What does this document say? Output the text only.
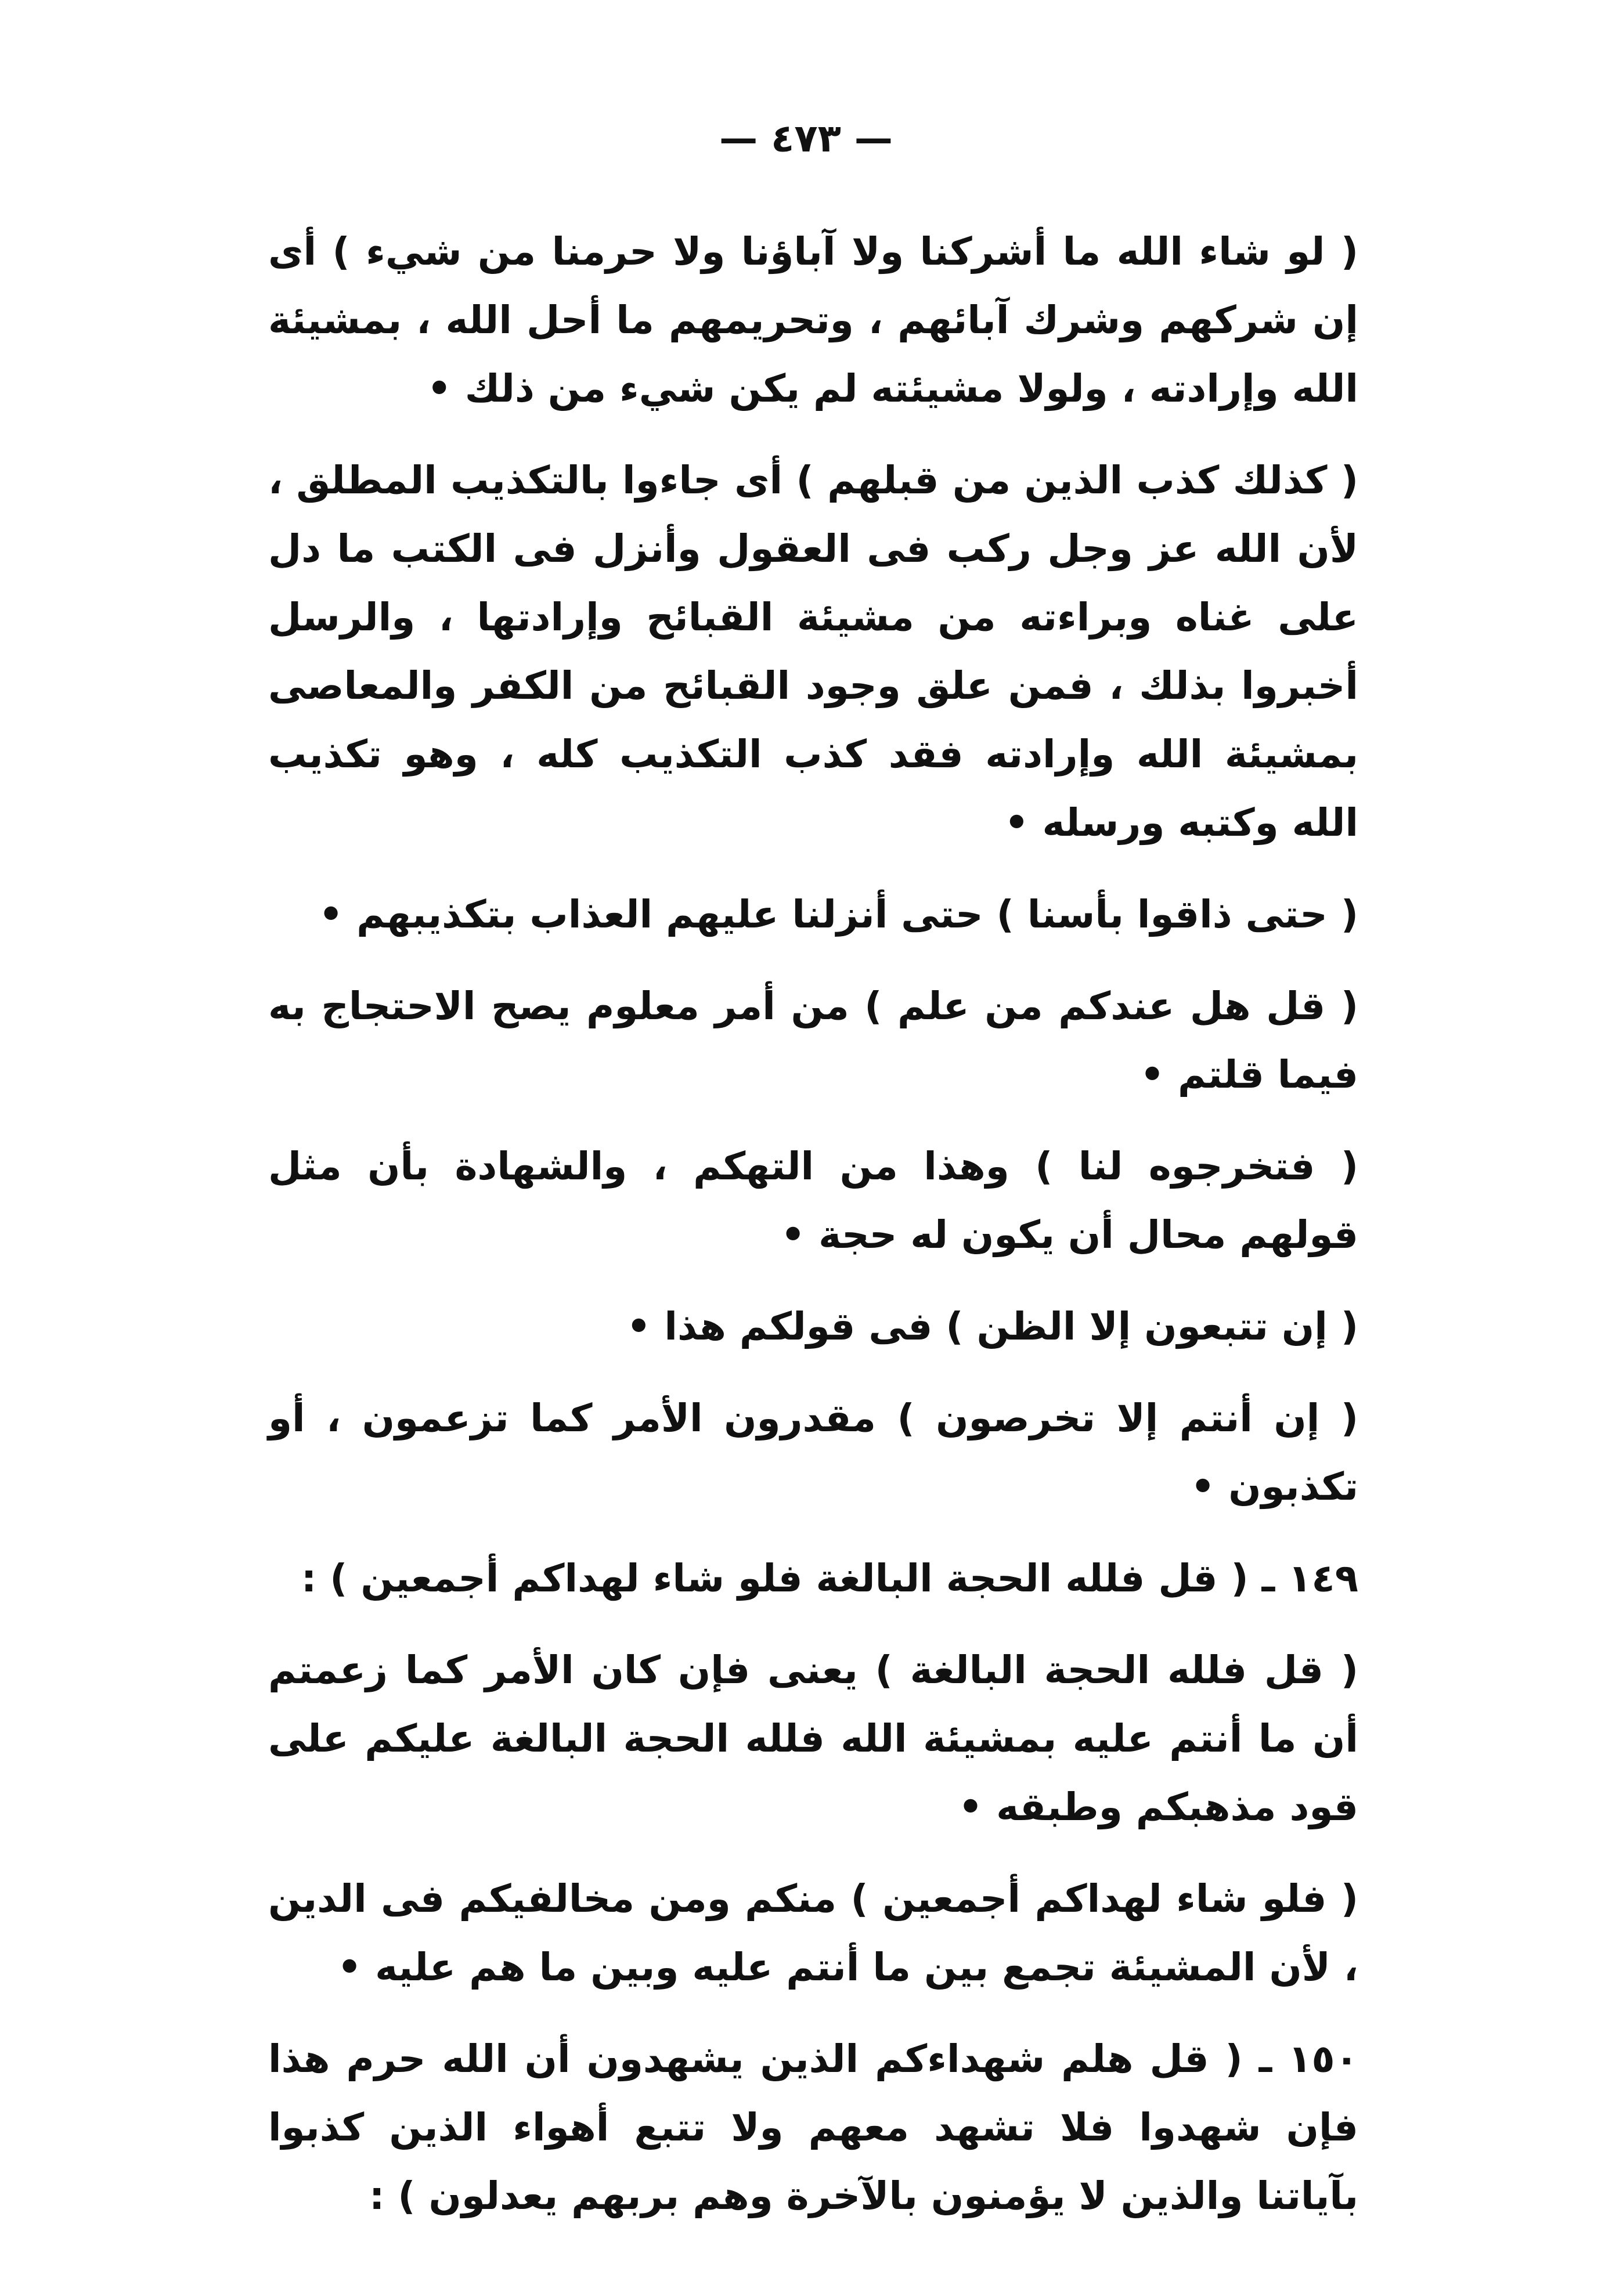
— ٤٧٣ —

( لو شاء الله ما أشركنا ولا آباؤنا ولا حرمنا من شيء ) أى إن شركهم وشرك آبائهم ، وتحريمهم ما أحل الله ، بمشيئة الله وإرادته ، ولولا مشيئته لم يكن شيء من ذلك •

( كذلك كذب الذين من قبلهم ) أى جاءوا بالتكذيب المطلق ، لأن الله عز وجل ركب فى العقول وأنزل فى الكتب ما دل على غناه وبراءته من مشيئة القبائح وإرادتها ، والرسل أخبروا بذلك ، فمن علق وجود القبائح من الكفر والمعاصى بمشيئة الله وإرادته فقد كذب التكذيب كله ، وهو تكذيب الله وكتبه ورسله •

( حتى ذاقوا بأسنا ) حتى أنزلنا عليهم العذاب بتكذيبهم •

( قل هل عندكم من علم ) من أمر معلوم يصح الاحتجاج به فيما قلتم •

( فتخرجوه لنا ) وهذا من التهكم ، والشهادة بأن مثل قولهم محال أن يكون له حجة •

( إن تتبعون إلا الظن ) فى قولكم هذا •

( إن أنتم إلا تخرصون ) مقدرون الأمر كما تزعمون ، أو تكذبون •

١٤٩ ـ ( قل فلله الحجة البالغة فلو شاء لهداكم أجمعين ) :

( قل فلله الحجة البالغة ) يعنى فإن كان الأمر كما زعمتم أن ما أنتم عليه بمشيئة الله فلله الحجة البالغة عليكم على قود مذهبكم وطبقه •

( فلو شاء لهداكم أجمعين ) منكم ومن مخالفيكم فى الدين ، لأن المشيئة تجمع بين ما أنتم عليه وبين ما هم عليه •

١٥٠ ـ ( قل هلم شهداءكم الذين يشهدون أن الله حرم هذا فإن شهدوا فلا تشهد معهم ولا تتبع أهواء الذين كذبوا بآياتنا والذين لا يؤمنون بالآخرة وهم بربهم يعدلون ) :
